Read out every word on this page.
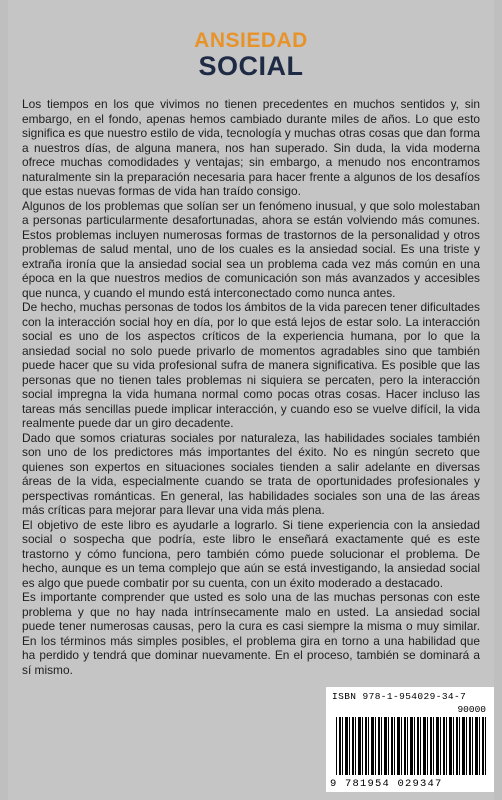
ANSIEDAD
SOCIAL

Los tiempos en los que vivimos no tienen precedentes en muchos sentidos y, sin embargo, en el fondo, apenas hemos cambiado durante miles de años. Lo que esto significa es que nuestro estilo de vida, tecnología y muchas otras cosas que dan forma a nuestros días, de alguna manera, nos han superado. Sin duda, la vida moderna ofrece muchas comodidades y ventajas; sin embargo, a menudo nos encontramos naturalmente sin la preparación necesaria para hacer frente a algunos de los desafíos que estas nuevas formas de vida han traído consigo.

Algunos de los problemas que solían ser un fenómeno inusual, y que solo molestaban a personas particularmente desafortunadas, ahora se están volviendo más comunes. Estos problemas incluyen numerosas formas de trastornos de la personalidad y otros problemas de salud mental, uno de los cuales es la ansiedad social. Es una triste y extraña ironía que la ansiedad social sea un problema cada vez más común en una época en la que nuestros medios de comunicación son más avanzados y accesibles que nunca, y cuando el mundo está interconectado como nunca antes.

De hecho, muchas personas de todos los ámbitos de la vida parecen tener dificultades con la interacción social hoy en día, por lo que está lejos de estar solo. La interacción social es uno de los aspectos críticos de la experiencia humana, por lo que la ansiedad social no solo puede privarlo de momentos agradables sino que también puede hacer que su vida profesional sufra de manera significativa. Es posible que las personas que no tienen tales problemas ni siquiera se percaten, pero la interacción social impregna la vida humana normal como pocas otras cosas. Hacer incluso las tareas más sencillas puede implicar interacción, y cuando eso se vuelve difícil, la vida realmente puede dar un giro decadente.

Dado que somos criaturas sociales por naturaleza, las habilidades sociales también son uno de los predictores más importantes del éxito. No es ningún secreto que quienes son expertos en situaciones sociales tienden a salir adelante en diversas áreas de la vida, especialmente cuando se trata de oportunidades profesionales y perspectivas románticas. En general, las habilidades sociales son una de las áreas más críticas para mejorar para llevar una vida más plena.

El objetivo de este libro es ayudarle a lograrlo. Si tiene experiencia con la ansiedad social o sospecha que podría, este libro le enseñará exactamente qué es este trastorno y cómo funciona, pero también cómo puede solucionar el problema. De hecho, aunque es un tema complejo que aún se está investigando, la ansiedad social es algo que puede combatir por su cuenta, con un éxito moderado a destacado.

Es importante comprender que usted es solo una de las muchas personas con este problema y que no hay nada intrínsecamente malo en usted. La ansiedad social puede tener numerosas causas, pero la cura es casi siempre la misma o muy similar. En los términos más simples posibles, el problema gira en torno a una habilidad que ha perdido y tendrá que dominar nuevamente. En el proceso, también se dominará a sí mismo.

ISBN 978-1-954029-34-7
90000
9 781954 029347
